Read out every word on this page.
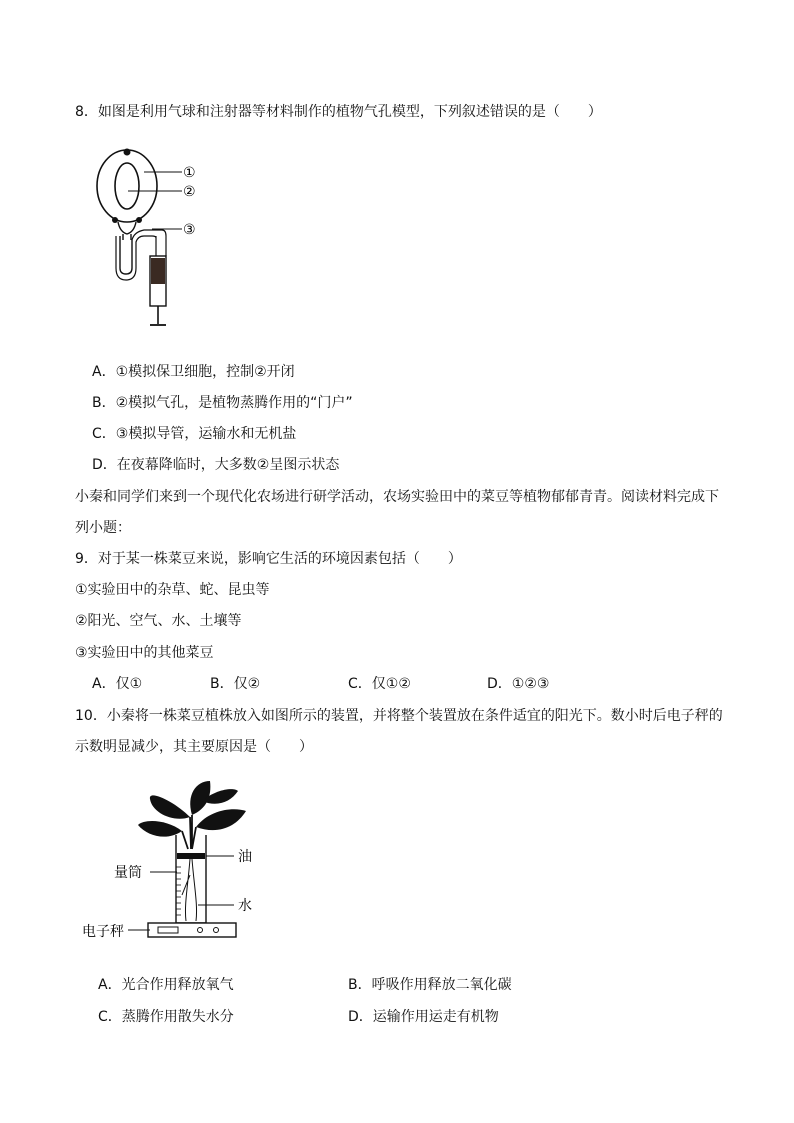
8．如图是利用气球和注射器等材料制作的植物气孔模型，下列叙述错误的是（　　）
①
②
③
A．①模拟保卫细胞，控制②开闭
B．②模拟气孔，是植物蒸腾作用的“门户”
C．③模拟导管，运输水和无机盐
D．在夜幕降临时，大多数②呈图示状态
小秦和同学们来到一个现代化农场进行研学活动，农场实验田中的菜豆等植物郁郁青青。阅读材料完成下
列小题：
9．对于某一株菜豆来说，影响它生活的环境因素包括（　　）
①实验田中的杂草、蛇、昆虫等
②阳光、空气、水、土壤等
③实验田中的其他菜豆
A．仅①	B．仅②	C．仅①②	D．①②③
10．小秦将一株菜豆植株放入如图所示的装置，并将整个装置放在条件适宜的阳光下。数小时后电子秤的
示数明显减少，其主要原因是（　　）
油
量筒
水
电子秤
A．光合作用释放氧气	B．呼吸作用释放二氧化碳
C．蒸腾作用散失水分	D．运输作用运走有机物
